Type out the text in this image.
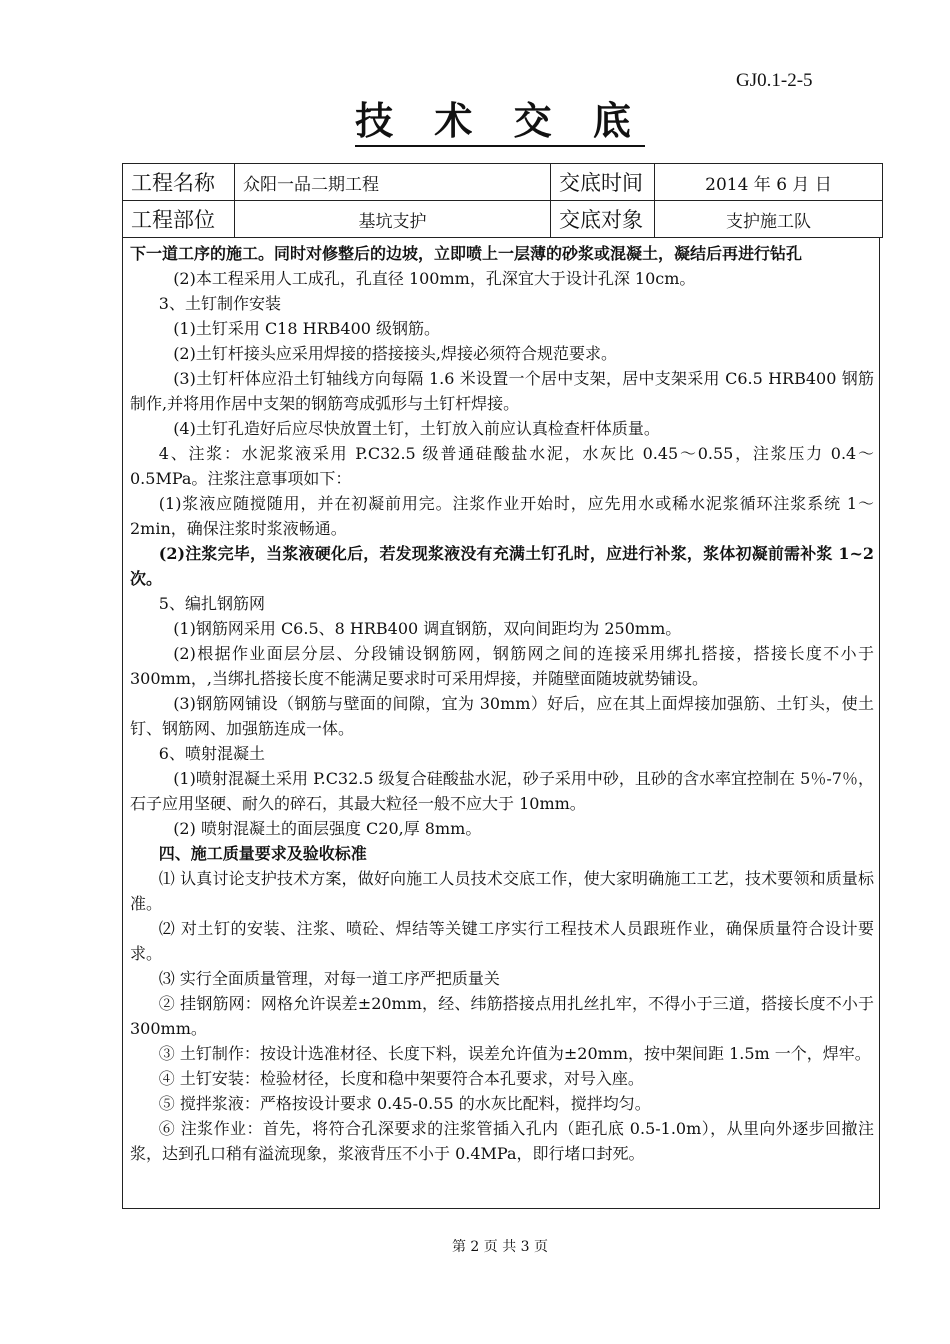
GJ0.1-2-5
技 术 交 底
工程名称	众阳一品二期工程	交底时间	2014 年 6 月 日
工程部位	基坑支护	交底对象	支护施工队

下一道工序的施工。同时对修整后的边坡，立即喷上一层薄的砂浆或混凝土，凝结后再进行钻孔

(2)本工程采用人工成孔，孔直径 100mm，孔深宜大于设计孔深 10cm。

3、土钉制作安装

(1)土钉采用 C18 HRB400 级钢筋。

(2)土钉杆接头应采用焊接的搭接接头,焊接必须符合规范要求。

(3)土钉杆体应沿土钉轴线方向每隔 1.6 米设置一个居中支架，居中支架采用 C6.5 HRB400 钢筋制作,并将用作居中支架的钢筋弯成弧形与土钉杆焊接。

(4)土钉孔造好后应尽快放置土钉，土钉放入前应认真检查杆体质量。

4、注浆：水泥浆液采用 P.C32.5 级普通硅酸盐水泥，水灰比 0.45～0.55，注浆压力 0.4～0.5MPa。注浆注意事项如下：

(1)浆液应随搅随用，并在初凝前用完。注浆作业开始时，应先用水或稀水泥浆循环注浆系统 1～2min，确保注浆时浆液畅通。

(2)注浆完毕，当浆液硬化后，若发现浆液没有充满土钉孔时，应进行补浆，浆体初凝前需补浆 1~2 次。

5、编扎钢筋网

(1)钢筋网采用 C6.5、8 HRB400 调直钢筋，双向间距均为 250mm。

(2)根据作业面层分层、分段铺设钢筋网，钢筋网之间的连接采用绑扎搭接，搭接长度不小于 300mm，,当绑扎搭接长度不能满足要求时可采用焊接，并随壁面随坡就势铺设。

(3)钢筋网铺设（钢筋与壁面的间隙，宜为 30mm）好后，应在其上面焊接加强筋、土钉头，使土钉、钢筋网、加强筋连成一体。

6、喷射混凝土

(1)喷射混凝土采用 P.C32.5 级复合硅酸盐水泥，砂子采用中砂，且砂的含水率宜控制在 5％-7％，石子应用坚硬、耐久的碎石，其最大粒径一般不应大于 10mm。

(2) 喷射混凝土的面层强度 C20,厚 8mm。

四、施工质量要求及验收标准

⑴ 认真讨论支护技术方案，做好向施工人员技术交底工作，使大家明确施工工艺，技术要领和质量标准。

⑵ 对土钉的安装、注浆、喷砼、焊结等关键工序实行工程技术人员跟班作业，确保质量符合设计要求。

⑶ 实行全面质量管理，对每一道工序严把质量关

② 挂钢筋网：网格允许误差±20mm，经、纬筋搭接点用扎丝扎牢，不得小于三道，搭接长度不小于 300mm。

③ 土钉制作：按设计选准材径、长度下料，误差允许值为±20mm，按中架间距 1.5m 一个，焊牢。

④ 土钉安装：检验材径，长度和稳中架要符合本孔要求，对号入座。

⑤ 搅拌浆液：严格按设计要求 0.45-0.55 的水灰比配料，搅拌均匀。

⑥ 注浆作业：首先，将符合孔深要求的注浆管插入孔内（距孔底 0.5-1.0m），从里向外逐步回撤注浆，达到孔口稍有溢流现象，浆液背压不小于 0.4MPa，即行堵口封死。

第 2 页 共 3 页
